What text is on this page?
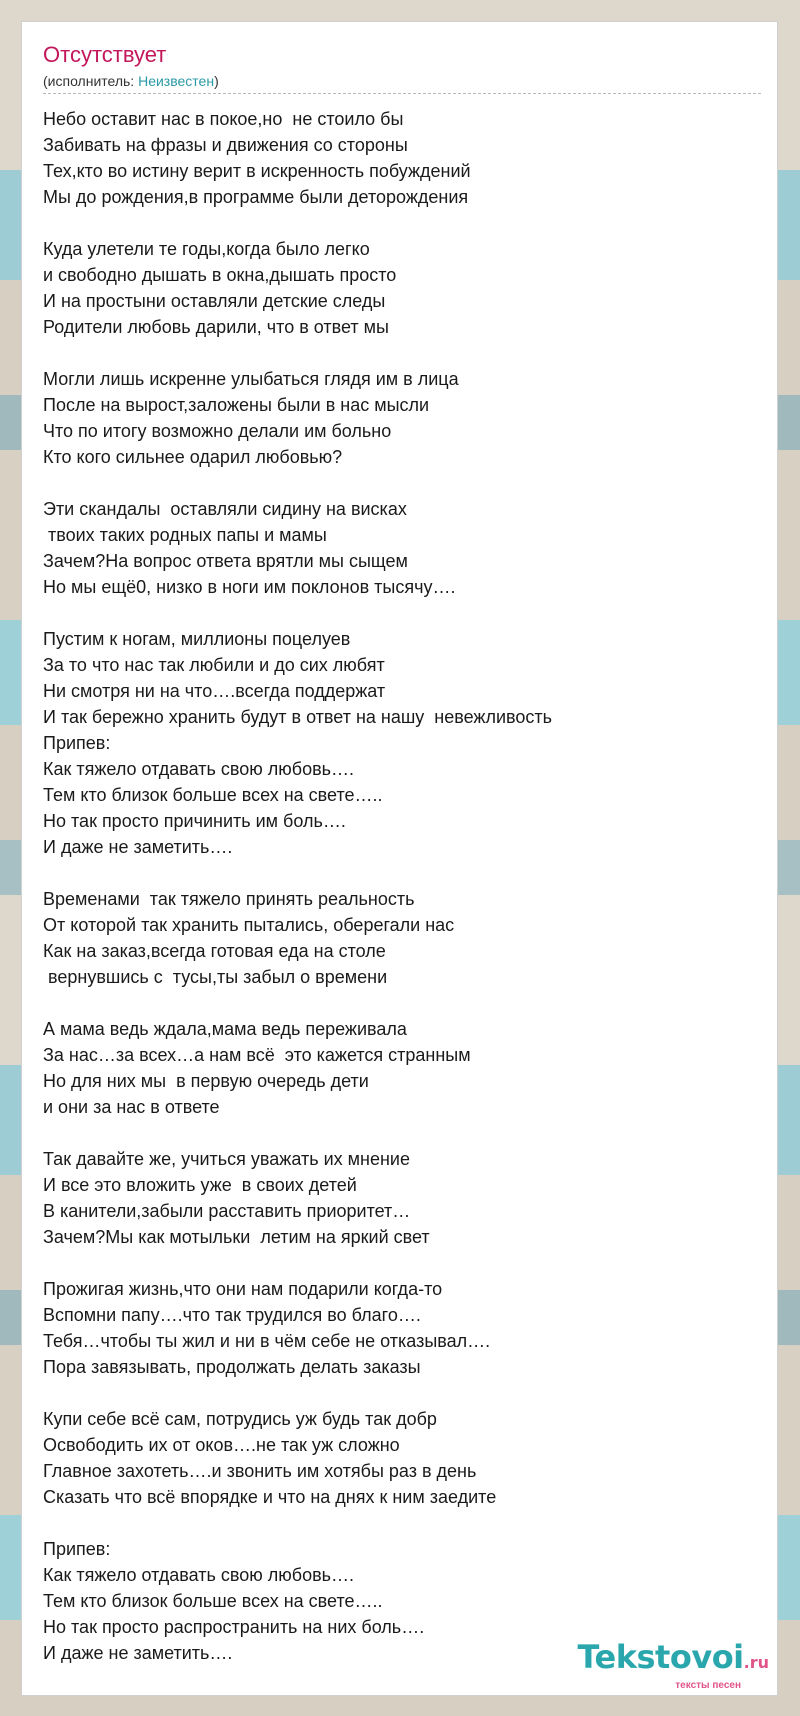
Отсутствует
(исполнитель: Неизвестен)
Небо оставит нас в покое,но  не стоило бы
Забивать на фразы и движения со стороны
Тех,кто во истину верит в искренность побуждений
Мы до рождения,в программе были деторождения
Куда улетели те годы,когда было легко
и свободно дышать в окна,дышать просто
И на простыни оставляли детские следы
Родители любовь дарили, что в ответ мы
Могли лишь искренне улыбаться глядя им в лица
После на вырост,заложены были в нас мысли
Что по итогу возможно делали им больно
Кто кого сильнее одарил любовью?
Эти скандалы  оставляли сидину на висках
твоих таких родных папы и мамы
Зачем?На вопрос ответа врятли мы сыщем
Но мы ещё0, низко в ноги им поклонов тысячу….
Пустим к ногам, миллионы поцелуев
За то что нас так любили и до сих любят
Ни смотря ни на что….всегда поддержат
И так бережно хранить будут в ответ на нашу  невежливость
Припев:
Как тяжело отдавать свою любовь….
Тем кто близок больше всех на свете…..
Но так просто причинить им боль….
И даже не заметить….
Временами  так тяжело принять реальность
От которой так хранить пытались, оберегали нас
Как на заказ,всегда готовая еда на столе
вернувшись с  тусы,ты забыл о времени
А мама ведь ждала,мама ведь переживала
За нас…за всех…а нам всё  это кажется странным
Но для них мы  в первую очередь дети
и они за нас в ответе
Так давайте же, учиться уважать их мнение
И все это вложить уже  в своих детей
В канители,забыли расставить приоритет…
Зачем?Мы как мотыльки  летим на яркий свет
Прожигая жизнь,что они нам подарили когда-то
Вспомни папу….что так трудился во благо….
Тебя…чтобы ты жил и ни в чём себе не отказывал….
Пора завязывать, продолжать делать заказы
Купи себе всё сам, потрудись уж будь так добр
Освободить их от оков….не так уж сложно
Главное захотеть….и звонить им хотябы раз в день
Сказать что всё впорядке и что на днях к ним заедите
Припев:
Как тяжело отдавать свою любовь….
Тем кто близок больше всех на свете…..
Но так просто распространить на них боль….
И даже не заметить….	Tekstovoi.ru
тексты песен
